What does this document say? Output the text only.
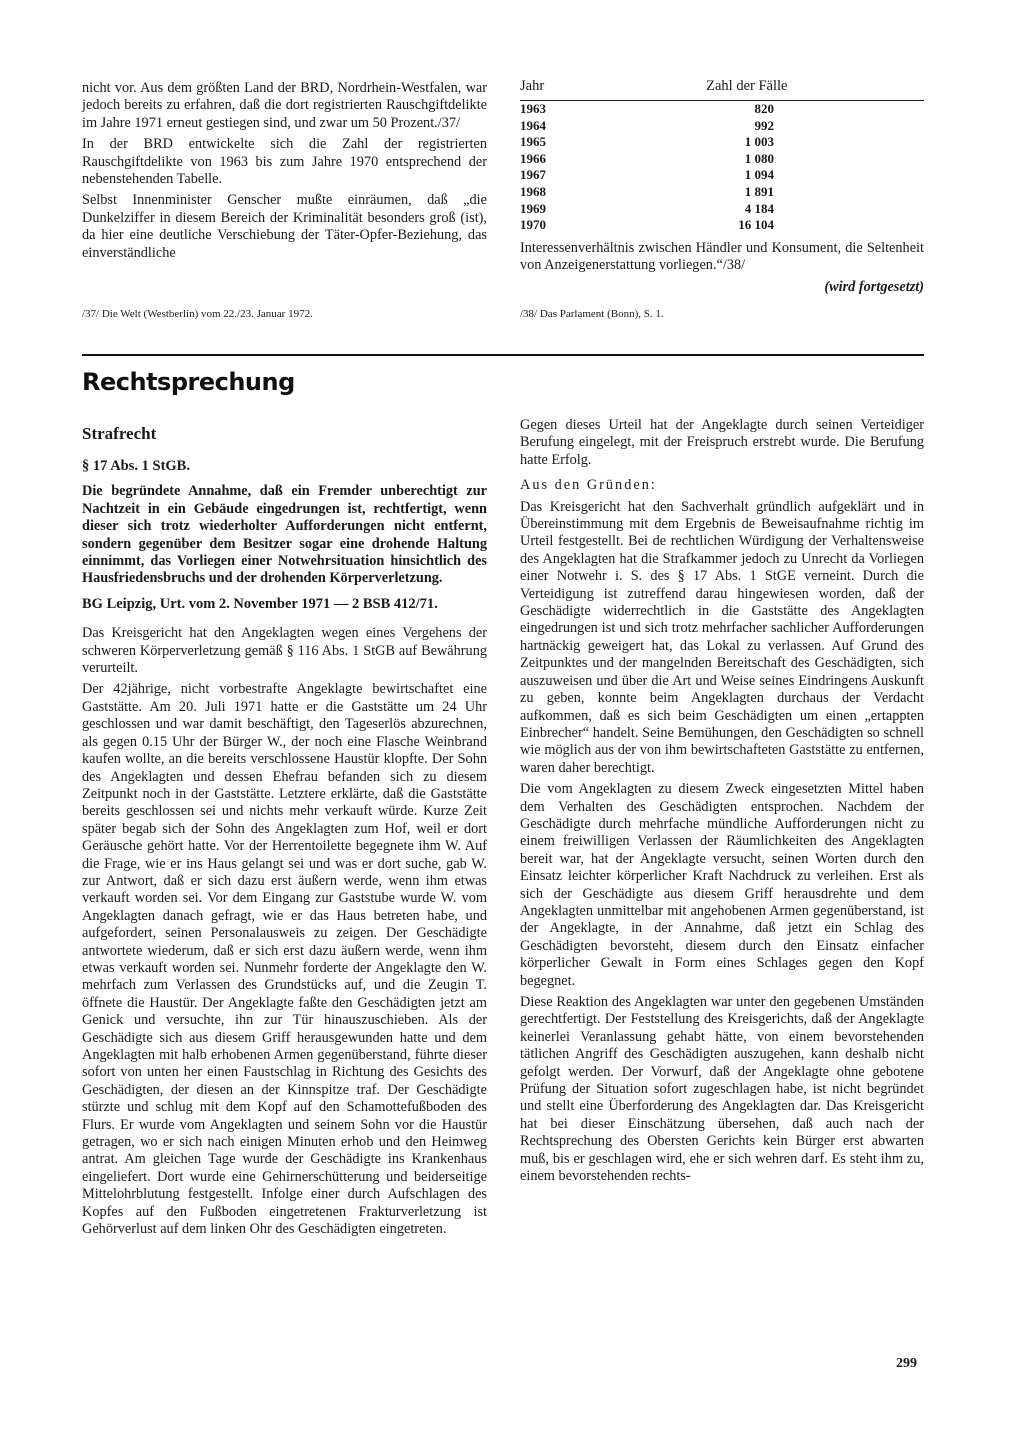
nicht vor. Aus dem größten Land der BRD, Nordrhein-Westfalen, war jedoch bereits zu erfahren, daß die dort registrierten Rauschgiftdelikte im Jahre 1971 erneut gestiegen sind, und zwar um 50 Prozent./37/

In der BRD entwickelte sich die Zahl der registrierten Rauschgiftdelikte von 1963 bis zum Jahre 1970 entsprechend der nebenstehenden Tabelle.

Selbst Innenminister Genscher mußte einräumen, daß „die Dunkelziffer in diesem Bereich der Kriminalität besonders groß (ist), da hier eine deutliche Verschiebung der Täter-Opfer-Beziehung, das einverständliche

/37/ Die Welt (Westberlin) vom 22./23. Januar 1972.

Jahr	Zahl der Fälle
1963	820
1964	992
1965	1 003
1966	1 080
1967	1 094
1968	1 891
1969	4 184
1970	16 104

Interessenverhältnis zwischen Händler und Konsument, die Seltenheit von Anzeigenerstattung vorliegen.“/38/

(wird fortgesetzt)

/38/ Das Parlament (Bonn), S. 1.

Rechtsprechung
Strafrecht

§ 17 Abs. 1 StGB.

Die begründete Annahme, daß ein Fremder unberechtigt zur Nachtzeit in ein Gebäude eingedrungen ist, rechtfertigt, wenn dieser sich trotz wiederholter Aufforderungen nicht entfernt, sondern gegenüber dem Besitzer sogar eine drohende Haltung einnimmt, das Vorliegen einer Notwehrsituation hinsichtlich des Hausfriedensbruchs und der drohenden Körperverletzung.

BG Leipzig, Urt. vom 2. November 1971 — 2 BSB 412/71.

Das Kreisgericht hat den Angeklagten wegen eines Vergehens der schweren Körperverletzung gemäß § 116 Abs. 1 StGB auf Bewährung verurteilt.

Der 42jährige, nicht vorbestrafte Angeklagte bewirtschaftet eine Gaststätte. Am 20. Juli 1971 hatte er die Gaststätte um 24 Uhr geschlossen und war damit beschäftigt, den Tageserlös abzurechnen, als gegen 0.15 Uhr der Bürger W., der noch eine Flasche Weinbrand kaufen wollte, an die bereits verschlossene Haustür klopfte. Der Sohn des Angeklagten und dessen Ehefrau befanden sich zu diesem Zeitpunkt noch in der Gaststätte. Letztere erklärte, daß die Gaststätte bereits geschlossen sei und nichts mehr verkauft würde. Kurze Zeit später begab sich der Sohn des Angeklagten zum Hof, weil er dort Geräusche gehört hatte. Vor der Herrentoilette begegnete ihm W. Auf die Frage, wie er ins Haus gelangt sei und was er dort suche, gab W. zur Antwort, daß er sich dazu erst äußern werde, wenn ihm etwas verkauft worden sei. Vor dem Eingang zur Gaststube wurde W. vom Angeklagten danach gefragt, wie er das Haus betreten habe, und aufgefordert, seinen Personalausweis zu zeigen. Der Geschädigte antwortete wiederum, daß er sich erst dazu äußern werde, wenn ihm etwas verkauft worden sei. Nunmehr forderte der Angeklagte den W. mehrfach zum Verlassen des Grundstücks auf, und die Zeugin T. öffnete die Haustür. Der Angeklagte faßte den Geschädigten jetzt am Genick und versuchte, ihn zur Tür hinauszuschieben. Als der Geschädigte sich aus diesem Griff herausgewunden hatte und dem Angeklagten mit halb erhobenen Armen gegenüberstand, führte dieser sofort von unten her einen Faustschlag in Richtung des Gesichts des Geschädigten, der diesen an der Kinnspitze traf. Der Geschädigte stürzte und schlug mit dem Kopf auf den Schamottefußboden des Flurs. Er wurde vom Angeklagten und seinem Sohn vor die Haustür getragen, wo er sich nach einigen Minuten erhob und den Heimweg antrat. Am gleichen Tage wurde der Geschädigte ins Krankenhaus eingeliefert. Dort wurde eine Gehirnerschütterung und beiderseitige Mittelohrblutung festgestellt. Infolge einer durch Aufschlagen des Kopfes auf den Fußboden eingetretenen Frakturverletzung ist Gehörverlust auf dem linken Ohr des Geschädigten eingetreten.

Gegen dieses Urteil hat der Angeklagte durch seinen Verteidiger Berufung eingelegt, mit der Freispruch erstrebt wurde. Die Berufung hatte Erfolg.

Aus den Gründen:

Das Kreisgericht hat den Sachverhalt gründlich aufgeklärt und in Übereinstimmung mit dem Ergebnis de Beweisaufnahme richtig im Urteil festgestellt. Bei de rechtlichen Würdigung der Verhaltensweise des Angeklagten hat die Strafkammer jedoch zu Unrecht da Vorliegen einer Notwehr i. S. des § 17 Abs. 1 StGE verneint. Durch die Verteidigung ist zutreffend darau hingewiesen worden, daß der Geschädigte widerrechtlich in die Gaststätte des Angeklagten eingedrungen ist und sich trotz mehrfacher sachlicher Aufforderungen hartnäckig geweigert hat, das Lokal zu verlassen. Auf Grund des Zeitpunktes und der mangelnden Bereitschaft des Geschädigten, sich auszuweisen und über die Art und Weise seines Eindringens Auskunft zu geben, konnte beim Angeklagten durchaus der Verdacht aufkommen, daß es sich beim Geschädigten um einen „ertappten Einbrecher“ handelt. Seine Bemühungen, den Geschädigten so schnell wie möglich aus der von ihm bewirtschafteten Gaststätte zu entfernen, waren daher berechtigt.

Die vom Angeklagten zu diesem Zweck eingesetzten Mittel haben dem Verhalten des Geschädigten entsprochen. Nachdem der Geschädigte durch mehrfache mündliche Aufforderungen nicht zu einem freiwilligen Verlassen der Räumlichkeiten des Angeklagten bereit war, hat der Angeklagte versucht, seinen Worten durch den Einsatz leichter körperlicher Kraft Nachdruck zu verleihen. Erst als sich der Geschädigte aus diesem Griff herausdrehte und dem Angeklagten unmittelbar mit angehobenen Armen gegenüberstand, ist der Angeklagte, in der Annahme, daß jetzt ein Schlag des Geschädigten bevorsteht, diesem durch den Einsatz einfacher körperlicher Gewalt in Form eines Schlages gegen den Kopf begegnet.

Diese Reaktion des Angeklagten war unter den gegebenen Umständen gerechtfertigt. Der Feststellung des Kreisgerichts, daß der Angeklagte keinerlei Veranlassung gehabt hätte, von einem bevorstehenden tätlichen Angriff des Geschädigten auszugehen, kann deshalb nicht gefolgt werden. Der Vorwurf, daß der Angeklagte ohne gebotene Prüfung der Situation sofort zugeschlagen habe, ist nicht begründet und stellt eine Überforderung des Angeklagten dar. Das Kreisgericht hat bei dieser Einschätzung übersehen, daß auch nach der Rechtsprechung des Obersten Gerichts kein Bürger erst abwarten muß, bis er geschlagen wird, ehe er sich wehren darf. Es steht ihm zu, einem bevorstehenden rechts-

299
